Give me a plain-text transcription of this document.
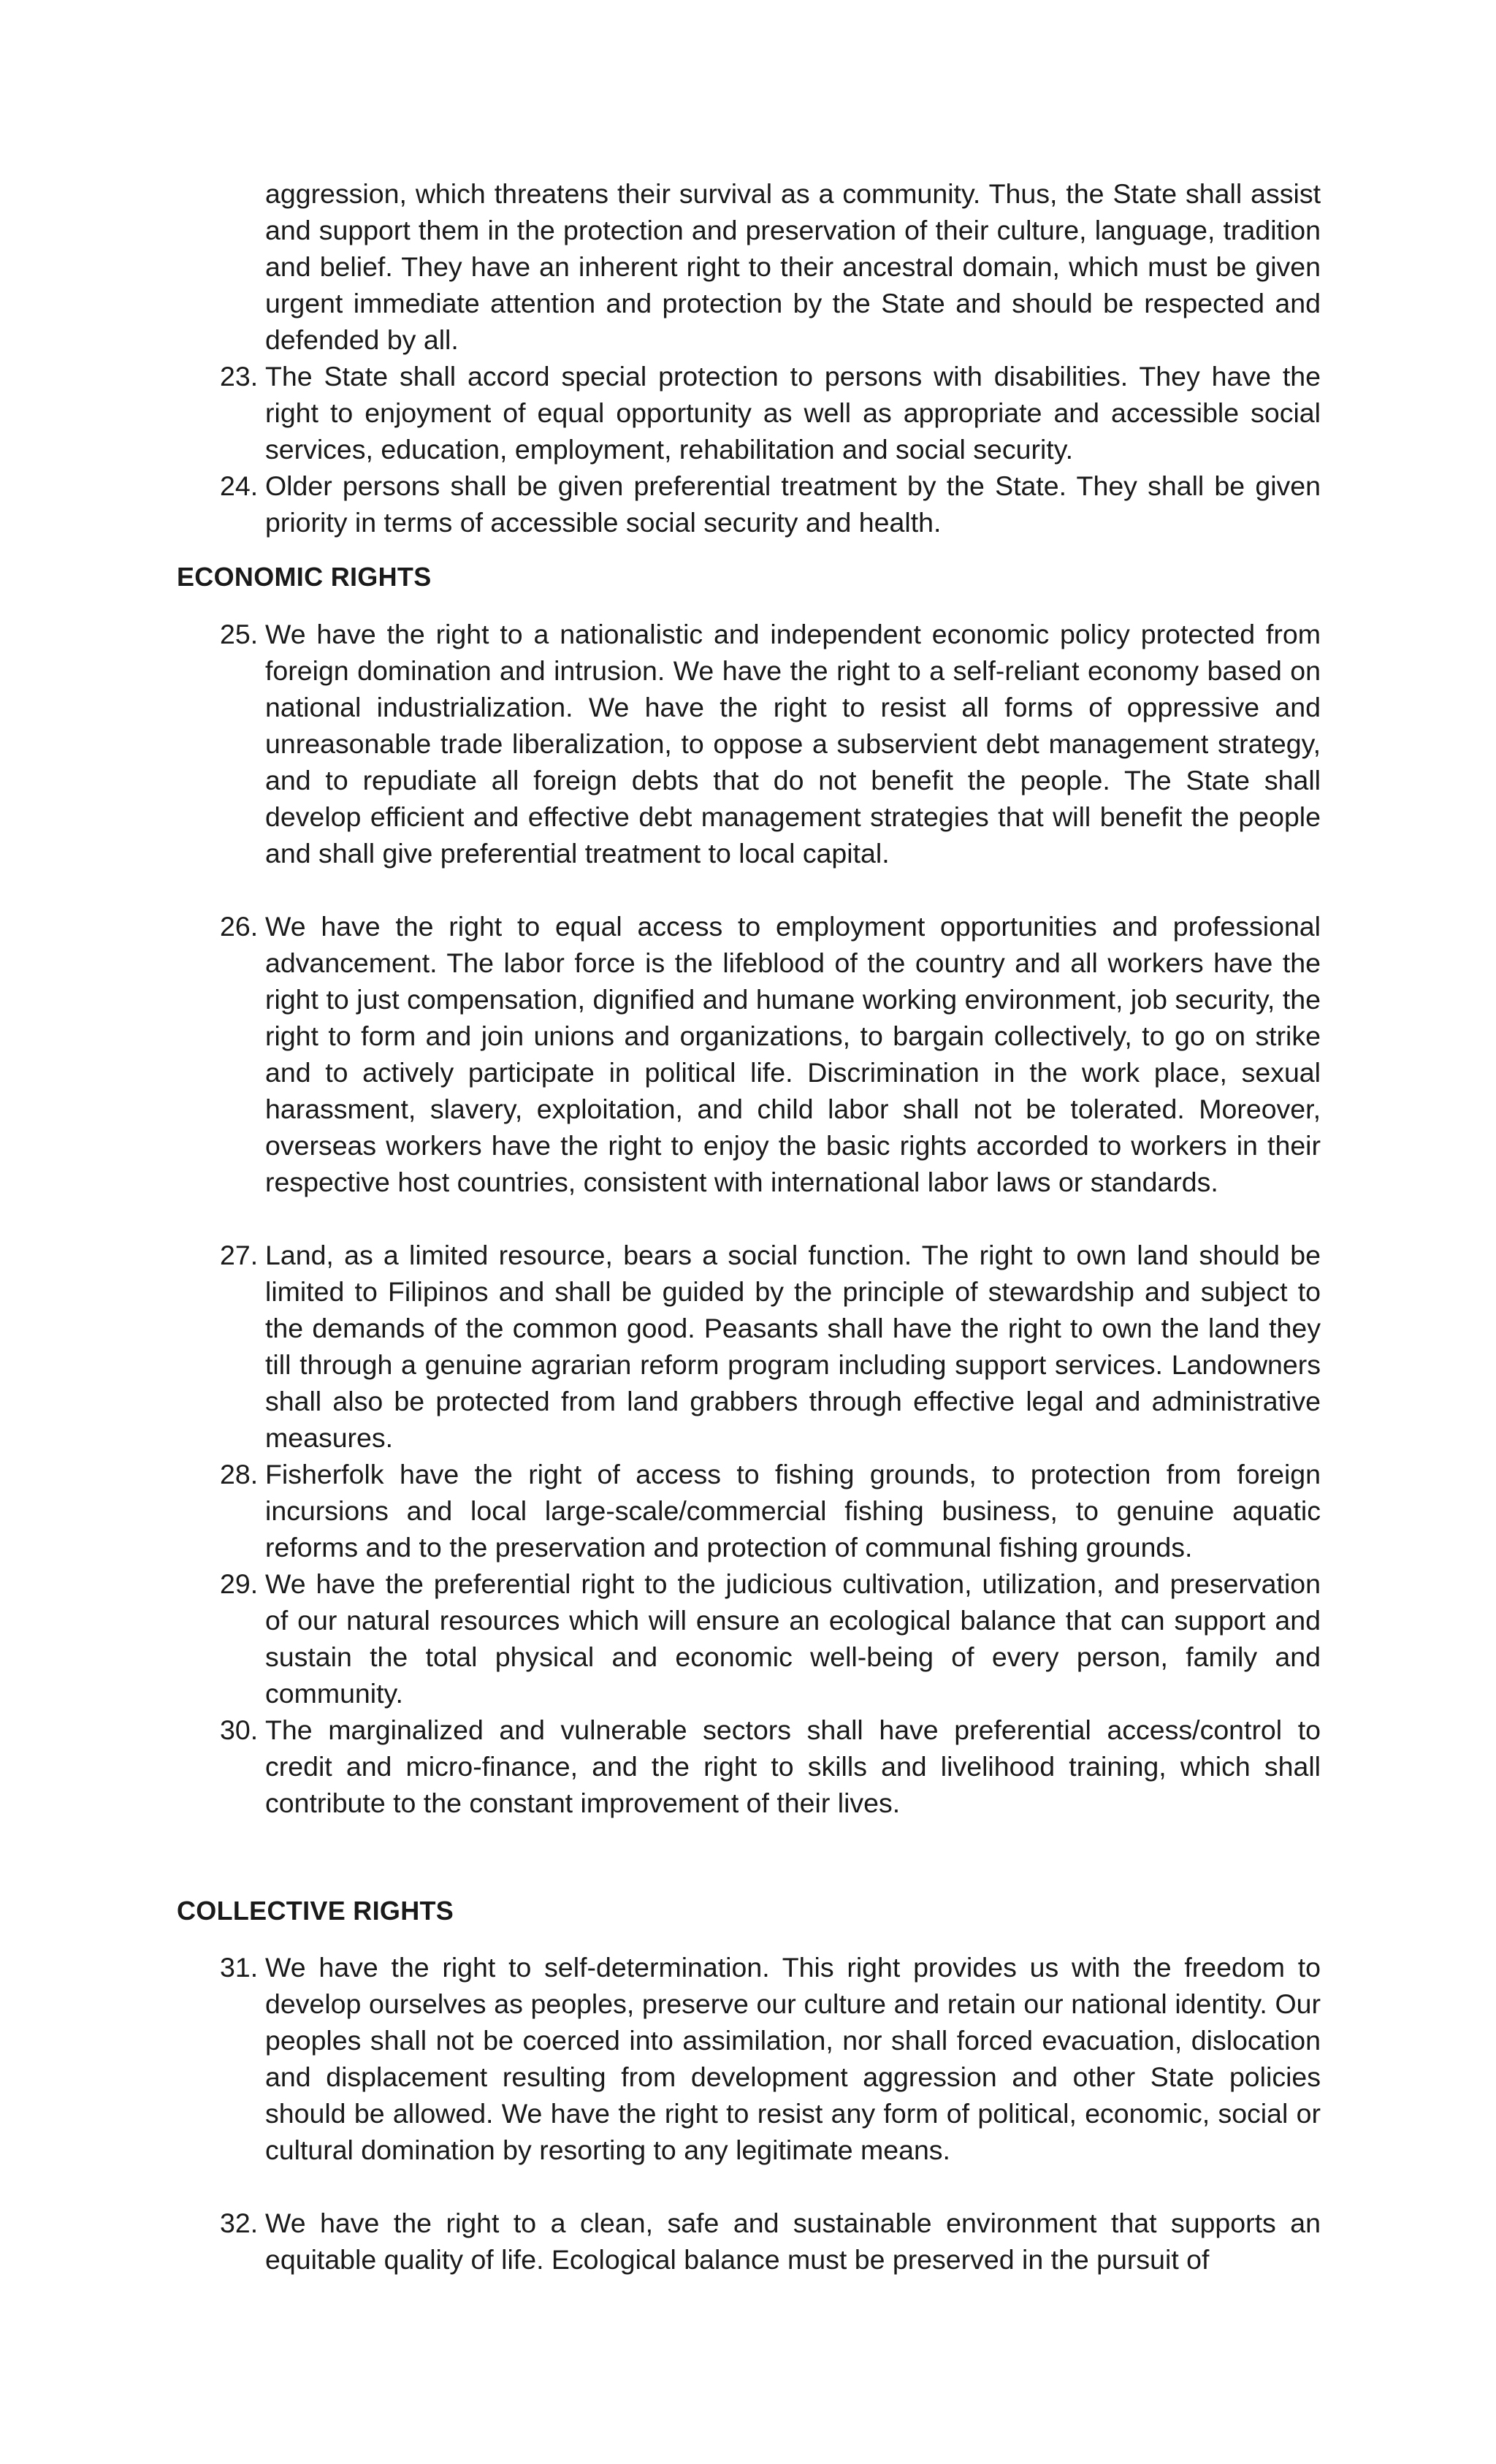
aggression, which threatens their survival as a community. Thus, the State shall assist and support them in the protection and preservation of their culture, language, tradition and belief. They have an inherent right to their ancestral domain, which must be given urgent immediate attention and protection by the State and should be respected and defended by all.
23. The State shall accord special protection to persons with disabilities. They have the right to enjoyment of equal opportunity as well as appropriate and accessible social services, education, employment, rehabilitation and social security.
24. Older persons shall be given preferential treatment by the State. They shall be given priority in terms of accessible social security and health.
ECONOMIC RIGHTS
25. We have the right to a nationalistic and independent economic policy protected from foreign domination and intrusion. We have the right to a self-reliant economy based on national industrialization. We have the right to resist all forms of oppressive and unreasonable trade liberalization, to oppose a subservient debt management strategy, and to repudiate all foreign debts that do not benefit the people. The State shall develop efficient and effective debt management strategies that will benefit the people and shall give preferential treatment to local capital.
26. We have the right to equal access to employment opportunities and professional advancement. The labor force is the lifeblood of the country and all workers have the right to just compensation, dignified and humane working environment, job security, the right to form and join unions and organizations, to bargain collectively, to go on strike and to actively participate in political life. Discrimination in the work place, sexual harassment, slavery, exploitation, and child labor shall not be tolerated. Moreover, overseas workers have the right to enjoy the basic rights accorded to workers in their respective host countries, consistent with international labor laws or standards.
27. Land, as a limited resource, bears a social function. The right to own land should be limited to Filipinos and shall be guided by the principle of stewardship and subject to the demands of the common good. Peasants shall have the right to own the land they till through a genuine agrarian reform program including support services. Landowners shall also be protected from land grabbers through effective legal and administrative measures.
28. Fisherfolk have the right of access to fishing grounds, to protection from foreign incursions and local large-scale/commercial fishing business, to genuine aquatic reforms and to the preservation and protection of communal fishing grounds.
29. We have the preferential right to the judicious cultivation, utilization, and preservation of our natural resources which will ensure an ecological balance that can support and sustain the total physical and economic well-being of every person, family and community.
30. The marginalized and vulnerable sectors shall have preferential access/control to credit and micro-finance, and the right to skills and livelihood training, which shall contribute to the constant improvement of their lives.
COLLECTIVE RIGHTS
31. We have the right to self-determination. This right provides us with the freedom to develop ourselves as peoples, preserve our culture and retain our national identity. Our peoples shall not be coerced into assimilation, nor shall forced evacuation, dislocation and displacement resulting from development aggression and other State policies should be allowed. We have the right to resist any form of political, economic, social or cultural domination by resorting to any legitimate means.
32. We have the right to a clean, safe and sustainable environment that supports an equitable quality of life. Ecological balance must be preserved in the pursuit of
